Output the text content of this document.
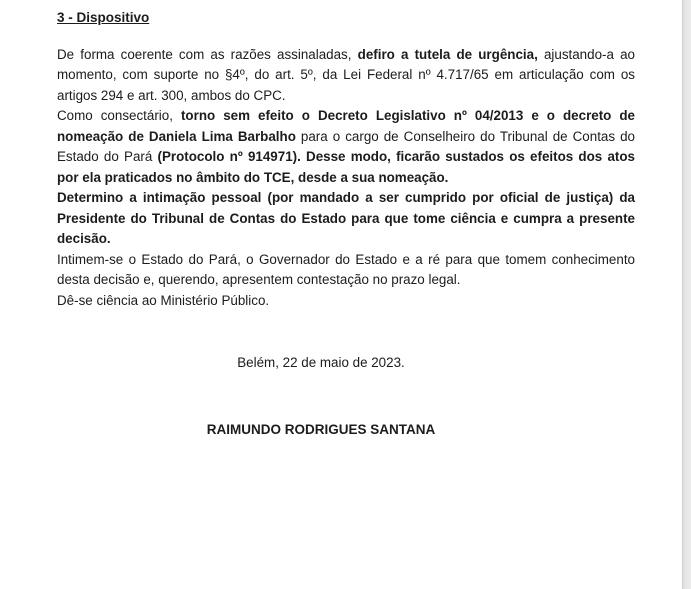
3 - Dispositivo

De forma coerente com as razões assinaladas, defiro a tutela de urgência, ajustando-a ao momento, com suporte no §4º, do art. 5º, da Lei Federal nº 4.717/65 em articulação com os artigos 294 e art. 300, ambos do CPC.

Como consectário, torno sem efeito o Decreto Legislativo nº 04/2013 e o decreto de nomeação de Daniela Lima Barbalho para o cargo de Conselheiro do Tribunal de Contas do Estado do Pará (Protocolo nº 914971). Desse modo, ficarão sustados os efeitos dos atos por ela praticados no âmbito do TCE, desde a sua nomeação.

Determino a intimação pessoal (por mandado a ser cumprido por oficial de justiça) da Presidente do Tribunal de Contas do Estado para que tome ciência e cumpra a presente decisão.

Intimem-se o Estado do Pará, o Governador do Estado e a ré para que tomem conhecimento desta decisão e, querendo, apresentem contestação no prazo legal.

Dê-se ciência ao Ministério Público.

Belém, 22 de maio de 2023.
RAIMUNDO RODRIGUES SANTANA
